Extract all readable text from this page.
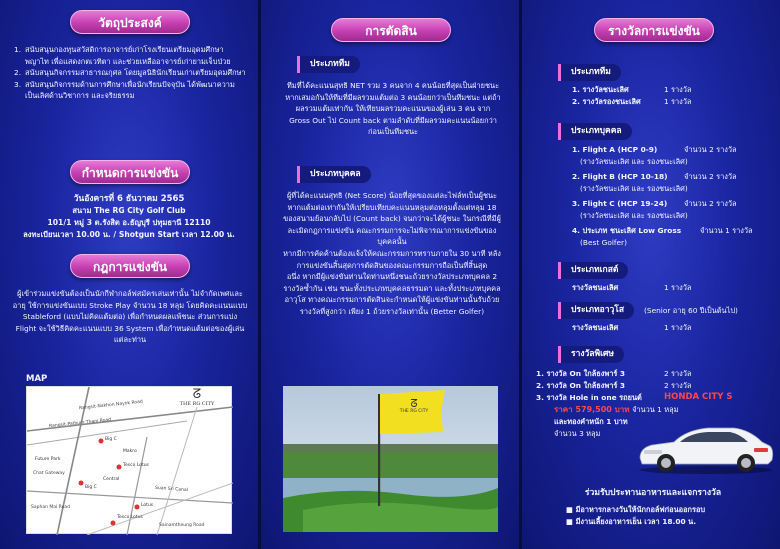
วัตถุประสงค์
1. สนับสนุนกองทุนสวัสดิการอาจารย์เก่าโรงเรียนเตรียมอุดมศึกษา พญาไท เพื่อแสดงกตเวทิตา และช่วยเหลืออาจารย์เก่ายามเจ็บป่วย
2. สนับสนุนกิจกรรมสาธารณกุศล โดยมูลนิธินักเรียนเก่าเตรียมอุดมศึกษา
3. สนับสนุนกิจกรรมด้านการศึกษาเพื่อนักเรียนปัจจุบัน ได้พัฒนาความเป็นเลิศด้านวิชาการ และจริยธรรม
กำหนดการแข่งขัน
วันอังคารที่ 6 ธันวาคม 2565
สนาม The RG City Golf Club
101/1 หมู่ 3 ต.รังสิต อ.ธัญบุรี ปทุมธานี 12110
ลงทะเบียนเวลา 10.00 น. / Shotgun Start เวลา 12.00 น.
กฎการแข่งขัน
ผู้เข้าร่วมแข่งขันต้องเป็นนักกีฬากอล์ฟสมัครเล่นเท่านั้น ไม่จำกัดเพศและอายุ ใช้การแข่งขันแบบ Stroke Play จำนวน 18 หลุม โดยคิดคะแนนแบบ Stableford (แบบไม่คิดแต้มต่อ) เพื่อกำหนดผลแพ้ชนะ ส่วนการแบ่ง Flight จะใช้วิธีคิดคะแนนแบบ 36 System เพื่อกำหนดแต้มต่อของผู้เล่นแต่ละท่าน
MAP
ᘔ
THE RG CITY
Rangsit-Pathum Thani Road
Rangsit-Nakhon Nayok Road
Big C
Makro
Tesco Lotus
Central
Big C
Future Park
Lotus
Tesco Lotus
Suan Sri Canal
Saphan Mai Road
Sainamtheung Road
Chat Gateway
การตัดสิน
ประเภททีม
ทีมที่ได้คะแนนสุทธิ NET รวม 3 คนจาก 4 คนน้อยที่สุดเป็นฝ่ายชนะ หากเสมอกันให้ทีมที่มีผลรวมแต้มต่อ 3 คนน้อยกว่าเป็นทีมชนะ แต่ถ้าผลรวมแต้มเท่ากัน ให้เทียบผลรวมคะแนนของผู้เล่น 3 คน จาก Gross Out ไป Count back ตามลำดับที่มีผลรวมคะแนนน้อยกว่าก่อนเป็นทีมชนะ
ประเภทบุคคล
ผู้ที่ได้คะแนนสุทธิ (Net Score) น้อยที่สุดของแต่ละไฟล์ทเป็นผู้ชนะ หากแต้มต่อเท่ากันให้เปรียบเทียบคะแนนหลุมต่อหลุมตั้งแต่หลุม 18 ของสนามย้อนกลับไป (Count back) จนกว่าจะได้ผู้ชนะ ในกรณีที่มีผู้ละเมิดกฎการแข่งขัน คณะกรรมการจะไม่พิจารณาการแข่งขันของบุคคลนั้น
หากมีการคัดค้านต้องแจ้งให้คณะกรรมการทราบภายใน 30 นาที หลังการแข่งขันสิ้นสุดการตัดสินของคณะกรรมการถือเป็นที่สิ้นสุด
อนึ่ง หากมีผู้แข่งขันท่านใดท่านหนึ่งชนะถ้วยรางวัลประเภทบุคคล 2 รางวัลซ้ำกัน เช่น ชนะทั้งประเภทบุคคลธรรมดา และทั้งประเภทบุคคลอาวุโส ทางคณะกรรมการตัดสินจะกำหนดให้ผู้แข่งขันท่านนั้นรับถ้วยรางวัลที่สูงกว่า เพียง 1 ถ้วยรางวัลเท่านั้น (Better Golfer)
ᘔ
THE RG CITY
รางวัลการแข่งขัน
ประเภททีม
1. รางวัลชนะเลิศ	1 รางวัล
2. รางวัลรองชนะเลิศ	1 รางวัล
ประเภทบุคคล
1. Flight A (HCP 0-9)	จำนวน 2 รางวัล
(รางวัลชนะเลิศ และ รองชนะเลิศ)
2. Flight B (HCP 10-18) จำนวน 2 รางวัล
(รางวัลชนะเลิศ และ รองชนะเลิศ)
3. Flight C (HCP 19-24) จำนวน 2 รางวัล
(รางวัลชนะเลิศ และ รองชนะเลิศ)
4. ประเภท ชนะเลิศ Low Gross	จำนวน 1 รางวัล
(Best Golfer)
ประเภทเกสต์
รางวัลชนะเลิศ	1 รางวัล
ประเภทอาวุโส	(Senior อายุ 60 ปีเป็นต้นไป)
รางวัลชนะเลิศ	1 รางวัล
รางวัลพิเศษ
1. รางวัล On ใกล้ธงพาร์ 3	2 รางวัล
2. รางวัล On ใกล้ธงพาร์ 3	2 รางวัล
3. รางวัล Hole in one รถยนต์	HONDA CITY S
ราคา 579,500 บาท จำนวน 1 หลุม
และทองคำหนัก 1 บาท
จำนวน 3 หลุม
ร่วมรับประทานอาหารและแจกรางวัล
■ มีอาหารกลางวันให้นักกอล์ฟก่อนออกรอบ
■ มีงานเลี้ยงอาหารเย็น เวลา 18.00 น.
